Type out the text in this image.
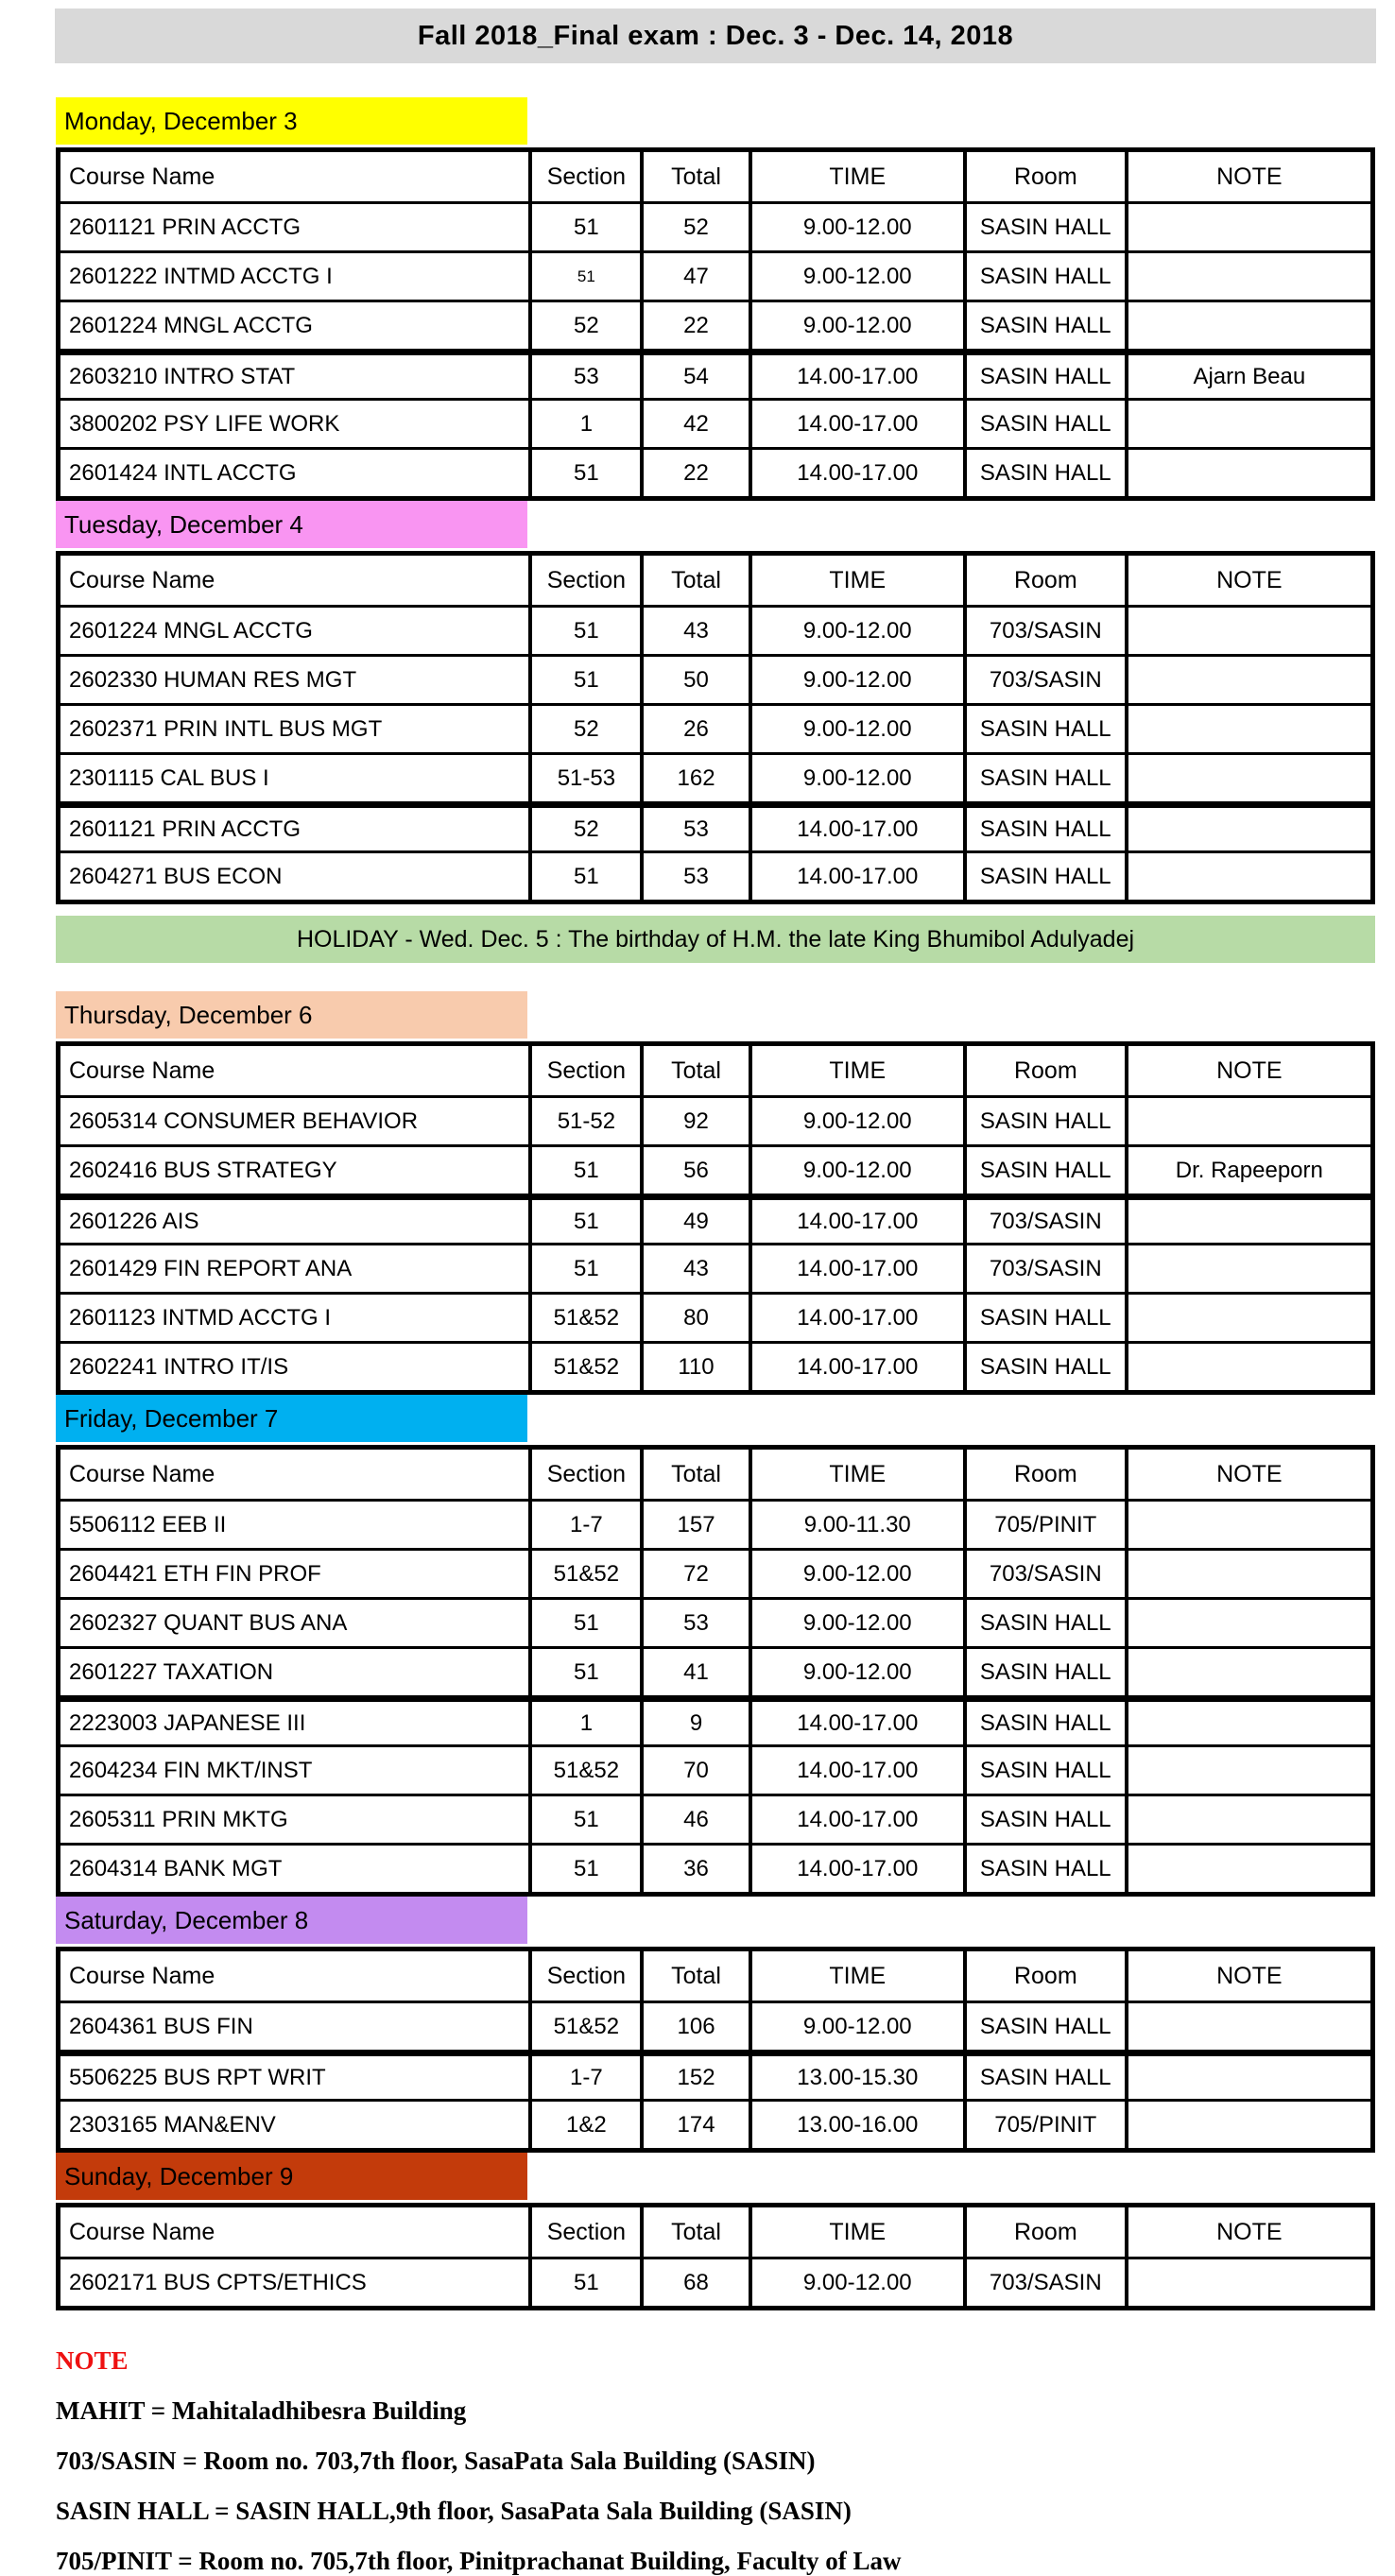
Fall 2018_Final exam : Dec. 3 - Dec. 14, 2018
Monday, December 3
Course Name	Section	Total	TIME	Room	NOTE
2601121 PRIN ACCTG	51	52	9.00-12.00	SASIN HALL
2601222 INTMD ACCTG I	51	47	9.00-12.00	SASIN HALL
2601224 MNGL ACCTG	52	22	9.00-12.00	SASIN HALL
2603210 INTRO STAT	53	54	14.00-17.00	SASIN HALL	Ajarn Beau
3800202 PSY LIFE WORK	1	42	14.00-17.00	SASIN HALL
2601424 INTL ACCTG	51	22	14.00-17.00	SASIN HALL
Tuesday, December 4
Course Name	Section	Total	TIME	Room	NOTE
2601224 MNGL ACCTG	51	43	9.00-12.00	703/SASIN
2602330 HUMAN RES MGT	51	50	9.00-12.00	703/SASIN
2602371 PRIN INTL BUS MGT	52	26	9.00-12.00	SASIN HALL
2301115 CAL BUS I	51-53	162	9.00-12.00	SASIN HALL
2601121 PRIN ACCTG	52	53	14.00-17.00	SASIN HALL
2604271 BUS ECON	51	53	14.00-17.00	SASIN HALL
HOLIDAY - Wed. Dec. 5 : The birthday of H.M. the late King Bhumibol Adulyadej
Thursday, December 6
Course Name	Section	Total	TIME	Room	NOTE
2605314 CONSUMER BEHAVIOR	51-52	92	9.00-12.00	SASIN HALL
2602416 BUS STRATEGY	51	56	9.00-12.00	SASIN HALL	Dr. Rapeeporn
2601226 AIS	51	49	14.00-17.00	703/SASIN
2601429 FIN REPORT ANA	51	43	14.00-17.00	703/SASIN
2601123 INTMD ACCTG I	51&52	80	14.00-17.00	SASIN HALL
2602241 INTRO IT/IS	51&52	110	14.00-17.00	SASIN HALL
Friday, December 7
Course Name	Section	Total	TIME	Room	NOTE
5506112 EEB II	1-7	157	9.00-11.30	705/PINIT
2604421 ETH FIN PROF	51&52	72	9.00-12.00	703/SASIN
2602327 QUANT BUS ANA	51	53	9.00-12.00	SASIN HALL
2601227 TAXATION	51	41	9.00-12.00	SASIN HALL
2223003 JAPANESE III	1	9	14.00-17.00	SASIN HALL
2604234 FIN MKT/INST	51&52	70	14.00-17.00	SASIN HALL
2605311 PRIN MKTG	51	46	14.00-17.00	SASIN HALL
2604314 BANK MGT	51	36	14.00-17.00	SASIN HALL
Saturday, December 8
Course Name	Section	Total	TIME	Room	NOTE
2604361 BUS FIN	51&52	106	9.00-12.00	SASIN HALL
5506225 BUS RPT WRIT	1-7	152	13.00-15.30	SASIN HALL
2303165 MAN&ENV	1&2	174	13.00-16.00	705/PINIT
Sunday, December 9
Course Name	Section	Total	TIME	Room	NOTE
2602171 BUS CPTS/ETHICS	51	68	9.00-12.00	703/SASIN
NOTE
MAHIT = Mahitaladhibesra Building
703/SASIN = Room no. 703,7th floor, SasaPata Sala Building (SASIN)
SASIN HALL = SASIN HALL,9th floor, SasaPata Sala Building (SASIN)
705/PINIT = Room no. 705,7th floor, Pinitprachanat Building, Faculty of Law
